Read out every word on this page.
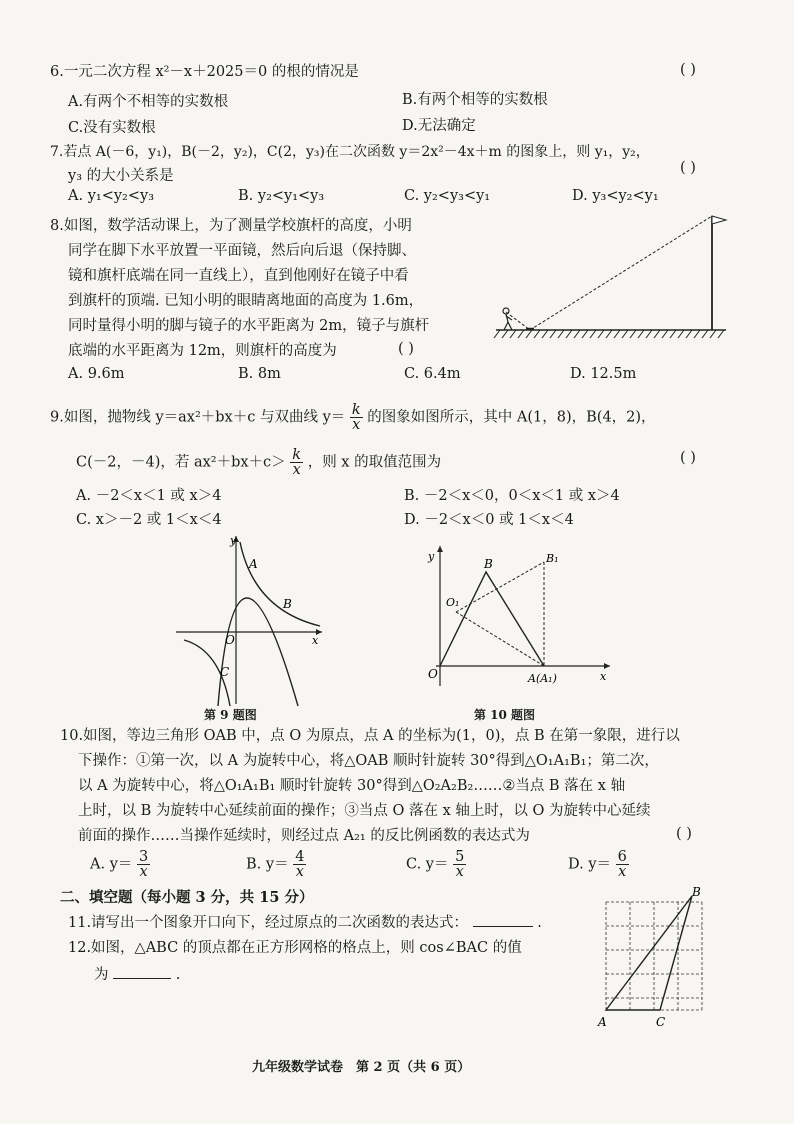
6.一元二次方程 x²－x＋2025＝0 的根的情况是	( )
A.有两个不相等的实数根	B.有两个相等的实数根
C.没有实数根	D.无法确定
7.若点 A(－6，y₁)，B(－2，y₂)，C(2，y₃)在二次函数 y＝2x²－4x＋m 的图象上，则 y₁，y₂，
y₃ 的大小关系是	( )
A. y₁<y₂<y₃	B. y₂<y₁<y₃	C. y₂<y₃<y₁	D. y₃<y₂<y₁
8.如图，数学活动课上，为了测量学校旗杆的高度，小明
同学在脚下水平放置一平面镜，然后向后退（保持脚、
镜和旗杆底端在同一直线上），直到他刚好在镜子中看
到旗杆的顶端. 已知小明的眼睛离地面的高度为 1.6m，
同时量得小明的脚与镜子的水平距离为 2m，镜子与旗杆
底端的水平距离为 12m，则旗杆的高度为	( )
A. 9.6m	B. 8m	C. 6.4m	D. 12.5m
9.如图，抛物线 y＝ax²＋bx＋c 与双曲线 $y= \frac{k}{x}$ 的图象如图所示，其中 A(1，8)，B(4，2)，
C(－2，－4)，若 $ax^2+bx+c> \frac{k}{x}$ ，则 x 的取值范围为	( )
A. －2＜x＜1 或 x＞4	B. －2＜x＜0，0＜x＜1 或 x＞4
C. x＞－2 或 1＜x＜4	D. －2＜x＜0 或 1＜x＜4
y
x
O
A
B
C
第 9 题图
y
x
O
O₁
B	B₁
A(A₁)
第 10 题图
10.如图，等边三角形 OAB 中，点 O 为原点，点 A 的坐标为(1，0)，点 B 在第一象限，进行以
下操作：①第一次，以 A 为旋转中心，将△OAB 顺时针旋转 30°得到△O₁A₁B₁；第二次，
以 A 为旋转中心，将△O₁A₁B₁ 顺时针旋转 30°得到△O₂A₂B₂……②当点 B 落在 x 轴
上时，以 B 为旋转中心延续前面的操作；③当点 O 落在 x 轴上时，以 O 为旋转中心延续
前面的操作……当操作延续时，则经过点 A₂₁ 的反比例函数的表达式为	( )
A. $y= \frac{3}{x}$	B. $y= \frac{4}{x}$	C. $y= \frac{5}{x}$	D. $y= \frac{6}{x}$
二、填空题（每小题 3 分，共 15 分）
11.请写出一个图象开口向下，经过原点的二次函数的表达式：	.
12.如图，△ABC 的顶点都在正方形网格的格点上，则 cos∠BAC 的值
为	.
A
B
C
九年级数学试卷　第 2 页（共 6 页）
